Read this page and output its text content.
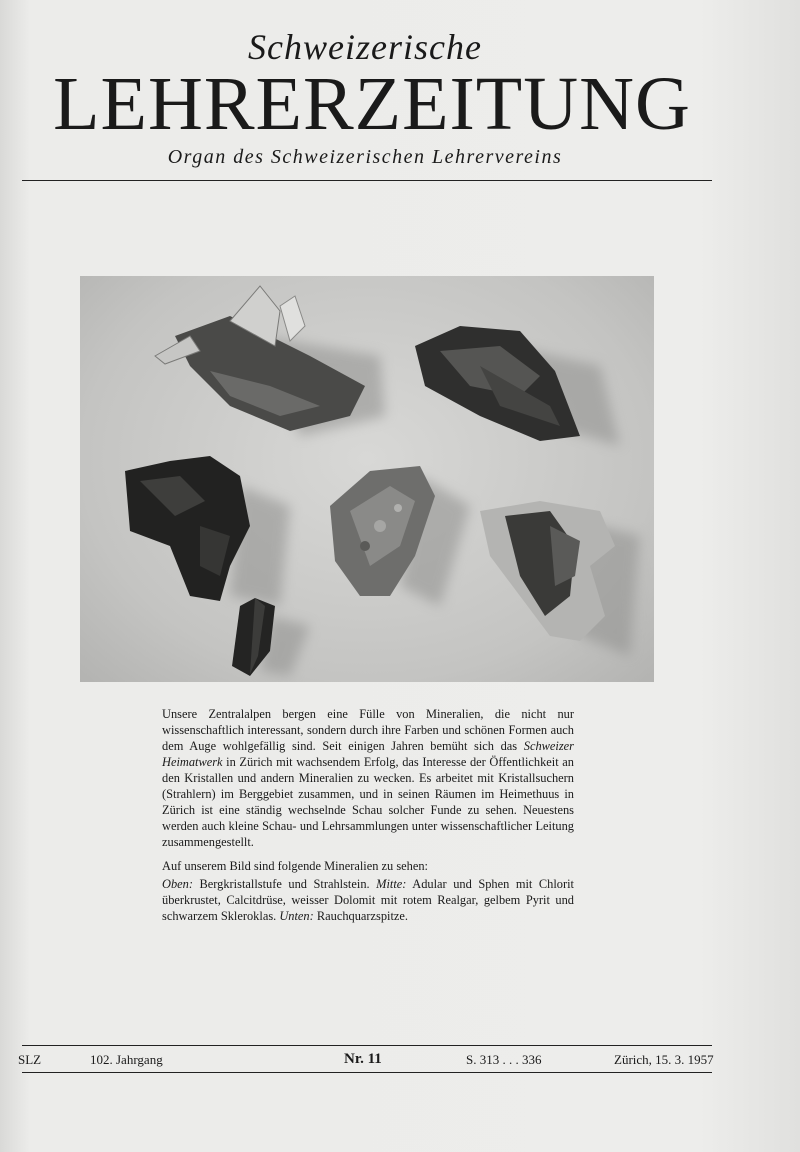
Schweizerische
LEHRERZEITUNG
Organ des Schweizerischen Lehrervereins

Unsere Zentralalpen bergen eine Fülle von Mineralien, die nicht nur wissenschaftlich interessant, sondern durch ihre Farben und schönen Formen auch dem Auge wohlgefällig sind. Seit einigen Jahren bemüht sich das Schweizer Heimatwerk in Zürich mit wachsendem Erfolg, das Interesse der Öffentlichkeit an den Kristallen und andern Mineralien zu wecken. Es arbeitet mit Kristallsuchern (Strahlern) im Berggebiet zusammen, und in seinen Räumen im Heimethuus in Zürich ist eine ständig wechselnde Schau solcher Funde zu sehen. Neuestens werden auch kleine Schau- und Lehrsammlungen unter wissenschaftlicher Leitung zusammengestellt.

Auf unserem Bild sind folgende Mineralien zu sehen:

Oben: Bergkristallstufe und Strahlstein. Mitte: Adular und Sphen mit Chlorit überkrustet, Calcitdrüse, weisser Dolomit mit rotem Realgar, gelbem Pyrit und schwarzem Skleroklas. Unten: Rauchquarzspitze.

SLZ	102. Jahrgang	Nr. 11	S. 313 . . . 336	Zürich, 15. 3. 1957
